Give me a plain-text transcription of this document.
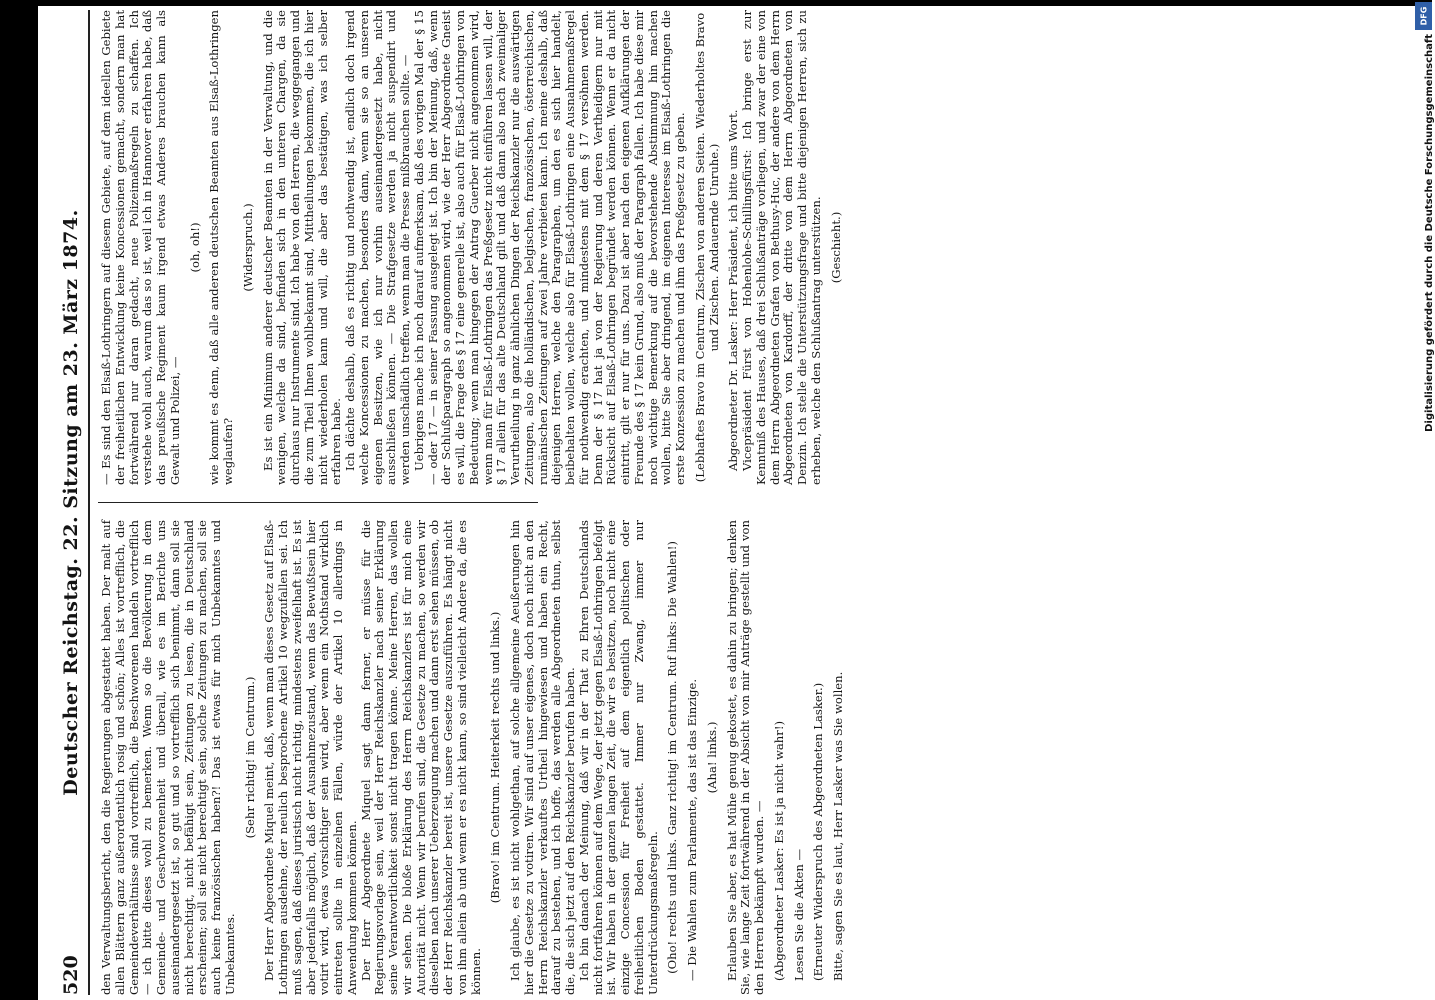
520
Deutscher Reichstag. 22. Sitzung am 23. März 1874. den Verwaltungsbericht, den die Regierungen abgestattet haben. Der malt auf allen Blättern ganz außerordentlich rosig und schön; Alles ist vortrefflich, die Gemeindeverhältnisse sind vortrefflich, die Beschworenen handeln vortrefflich — ich bitte dieses wohl zu bemerken. Wenn so die Bevölkerung in dem Gemeinde- und Geschworenenheit und überall, wie es im Berichte uns auseinandergesetzt ist, so gut und so vortrefflich sich benimmt, dann soll sie nicht berechtigt, nicht befähigt sein, Zeitungen zu lesen, die in Deutschland erscheinen; soll sie nicht berechtigt sein, solche Zeitungen zu machen, soll sie auch keine französischen haben?! Das ist etwas für mich Unbekanntes und Unbekanntes.

(Sehr richtig! im Centrum.) Der Herr Abgeordnete Miquel meint, daß, wenn man dieses Gesetz auf Elsaß-Lothringen ausdehne, der neulich besprochene Artikel 10 wegzufallen sei. Ich muß sagen, daß dieses juristisch nicht richtig, mindestens zweifelhaft ist. Es ist aber jedenfalls möglich, daß der Ausnahmezustand, wenn das Bewußtsein hier votirt wird, etwas vorsichtiger sein wird, aber wenn ein Nothstand wirklich eintreten sollte in einzelnen Fällen, würde der Artikel 10 allerdings in Anwendung kommen können. Der Herr Abgeordnete Miquel sagt dann ferner, er müsse für die Regierungsvorlage sein, weil der Herr Reichskanzler nach seiner Erklärung seine Verantwortlichkeit sonst nicht tragen könne. Meine Herren, das wollen wir sehen. Die bloße Erklärung des Herrn Reichskanzlers ist für mich eine Autorität nicht. Wenn wir berufen sind, die Gesetze zu machen, so werden wir dieselben nach unserer Ueberzeugung machen und dann erst sehen müssen, ob der Herr Reichskanzler bereit ist, unsere Gesetze auszuführen. Es hängt nicht von ihm allein ab und wenn er es nicht kann, so sind vielleicht Andere da, die es können.

(Bravo! im Centrum. Heiterkeit rechts und links.) Ich glaube, es ist nicht wohlgethan, auf solche allgemeine Aeußerungen hin hier die Gesetze zu votiren. Wir sind auf unser eigenes, doch noch nicht an den Herrn Reichskanzler verkauftes Urtheil hingewiesen und haben ein Recht, darauf zu bestehen, und ich hoffe, das werden alle Abgeordneten thun, selbst die, die sich jetzt auf den Reichskanzler berufen haben. Ich bin danach der Meinung, daß wir in der That zu Ehren Deutschlands nicht fortfahren können auf dem Wege, der jetzt gegen Elsaß-Lothringen befolgt ist. Wir haben in der ganzen langen Zeit, die wir es besitzen, noch nicht eine einzige Concession für Freiheit auf dem eigentlich politischen oder freiheitlichen Boden gestattet. Immer nur Zwang, immer nur Unterdrückungsmaßregeln. (Oho! rechts und links. Ganz richtig! im Centrum. Ruf links: Die Wahlen!) — Die Wahlen zum Parlamente, das ist das Einzige. (Aha! links.) Erlauben Sie aber, es hat Mühe genug gekostet, es dahin zu bringen; denken Sie, wie lange Zeit fortwährend in der Absicht von mir Anträge gestellt und von den Herren bekämpft wurden. — (Abgeordneter Lasker: Es ist ja nicht wahr!) Lesen Sie die Akten — (Erneuter Widerspruch des Abgeordneten Lasker.) Bitte, sagen Sie es laut, Herr Lasker was Sie wollen.

— Es sind den Elsaß-Lothringern auf diesem Gebiete, auf dem ideellen Gebiete der freiheitlichen Entwicklung keine Koncessionen gemacht, sondern man hat fortwährend nur daran gedacht, neue Polizeimaßregeln zu schaffen. Ich verstehe wohl auch, warum das so ist, weil ich in Hannover erfahren habe, daß das preußische Regiment kaum irgend etwas Anderes brauchen kann als Gewalt und Polizei, —

(oh, oh!) wie kommt es denn, daß alle anderen deutschen Beamten aus Elsaß-Lothringen weglaufen?

(Widerspruch.) Es ist ein Minimum anderer deutscher Beamten in der Verwaltung, und die wenigen, welche da sind, befinden sich in den unteren Chargen, da sie durchaus nur Instrumente sind. Ich habe von den Herren, die weggegangen und die zum Theil Ihnen wohlbekannt sind, Mittheilungen bekommen, die ich hier nicht wiederholen kann und will, die aber das bestätigen, was ich selber erfahren habe. Ich dächte deshalb, daß es richtig und nothwendig ist, endlich doch irgend welche Koncessionen zu machen, besonders dann, wenn sie so an unseren eigenen Besitzen, wie ich nur vorhin auseinandergesetzt habe, nicht ausschließen können. — Die Strafgesetze werden ja nicht suspendirt und werden unschädlich treffen, wenn man die Presse mißbrauchen sollte. — Uebrigens mache ich noch darauf aufmerksam, daß des vorigen Mal der § 15 — oder 17 — in seiner Fassung ausgelegt ist. Ich bin der Meinung, daß, wenn der Schlußparagraph so angenommen wird, wie der Herr Abgeordnete Gneist es will, die Frage des § 17 eine generelle ist, also auch für Elsaß-Lothringen von Bedeutung; wenn man hingegen der Antrag Guerber nicht angenommen wird, wenn man für Elsaß-Lothringen das Preßgesetz nicht einführen lassen will, der § 17 allein für das alte Deutschland gilt und daß dann also nach zweimaliger Verurtheilung in ganz ähnlichen Dingen der Reichskanzler nur die auswärtigen Zeitungen, also die holländischen, belgischen, französischen, österreichischen, rumänischen Zeitungen auf zwei Jahre verbieten kann. Ich meine deshalb, daß diejenigen Herren, welche den Paragraphen, um den es sich hier handelt, beibehalten wollen, welche also für Elsaß-Lothringen eine Ausnahmemaßregel für nothwendig erachten, und mindestens mit dem § 17 versöhnen werden. Denn der § 17 hat ja von der Regierung und deren Vertheidigern nur mit Rücksicht auf Elsaß-Lothringen begründet werden können. Wenn er da nicht eintritt, gilt er nur für uns. Dazu ist aber nach den eigenen Aufklärungen der Freunde des § 17 kein Grund, also muß der Paragraph fallen. Ich habe diese mir noch wichtige Bemerkung auf die bevorstehende Abstimmung hin machen wollen, bitte Sie aber dringend, im eigenen Interesse im Elsaß-Lothringen die erste Konzession zu machen und ihm das Preßgesetz zu geben. (Lebhaftes Bravo im Centrum, Zischen von anderen Seiten. Wiederholtes Bravo und Zischen. Andauernde Unruhe.) Abgeordneter Dr. Lasker: Herr Präsident, ich bitte ums Wort. Vicepräsident Fürst von Hohenlohe-Schillingsfürst: Ich bringe erst zur Kenntniß des Hauses, daß drei Schlußanträge vorliegen, und zwar der eine von dem Herrn Abgeordneten Grafen von Bethusy-Huc, der andere von dem Herrn Abgeordneten von Kardorff, der dritte von dem Herrn Abgeordneten von Denzin. Ich stelle die Unterstützungsfrage und bitte diejenigen Herren, sich zu erheben, welche den Schlußantrag unterstützen. (Geschieht.)

DFG
Digitalisierung gefördert durch die Deutsche Forschungsgemeinschaft
